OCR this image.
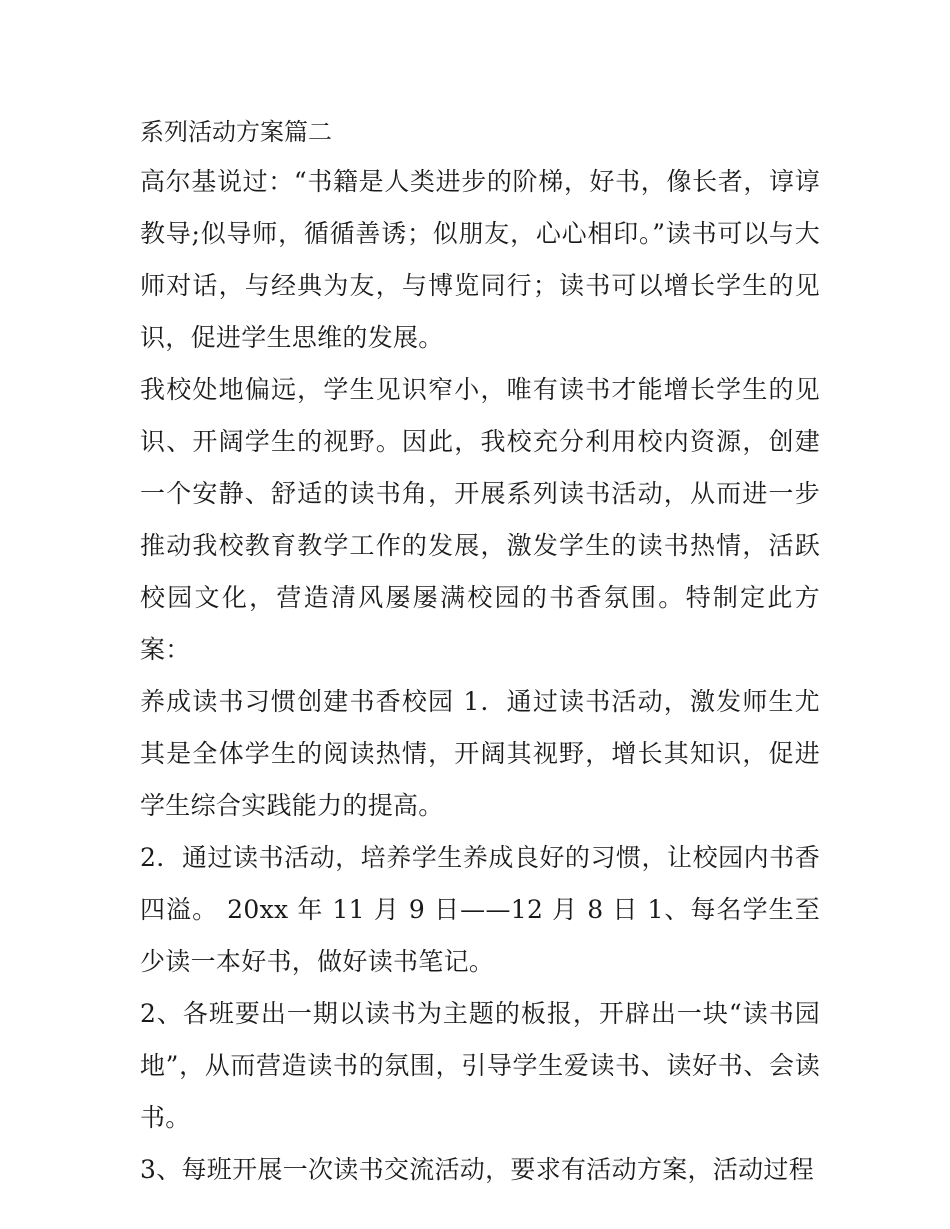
系列活动方案篇二

高尔基说过：“书籍是人类进步的阶梯，好书，像长者，谆谆教导;似导师，循循善诱；似朋友，心心相印。”读书可以与大师对话，与经典为友，与博览同行；读书可以增长学生的见识，促进学生思维的发展。

我校处地偏远，学生见识窄小，唯有读书才能增长学生的见识、开阔学生的视野。因此，我校充分利用校内资源，创建一个安静、舒适的读书角，开展系列读书活动，从而进一步推动我校教育教学工作的发展，激发学生的读书热情，活跃校园文化，营造清风屡屡满校园的书香氛围。特制定此方案：

养成读书习惯创建书香校园 1．通过读书活动，激发师生尤其是全体学生的阅读热情，开阔其视野，增长其知识，促进学生综合实践能力的提高。

2．通过读书活动，培养学生养成良好的习惯，让校园内书香四溢。 20xx 年 11 月 9 日——12 月 8 日 1、每名学生至少读一本好书，做好读书笔记。

2、各班要出一期以读书为主题的板报，开辟出一块“读书园地”，从而营造读书的氛围，引导学生爱读书、读好书、会读书。

3、每班开展一次读书交流活动，要求有活动方案，活动过程
